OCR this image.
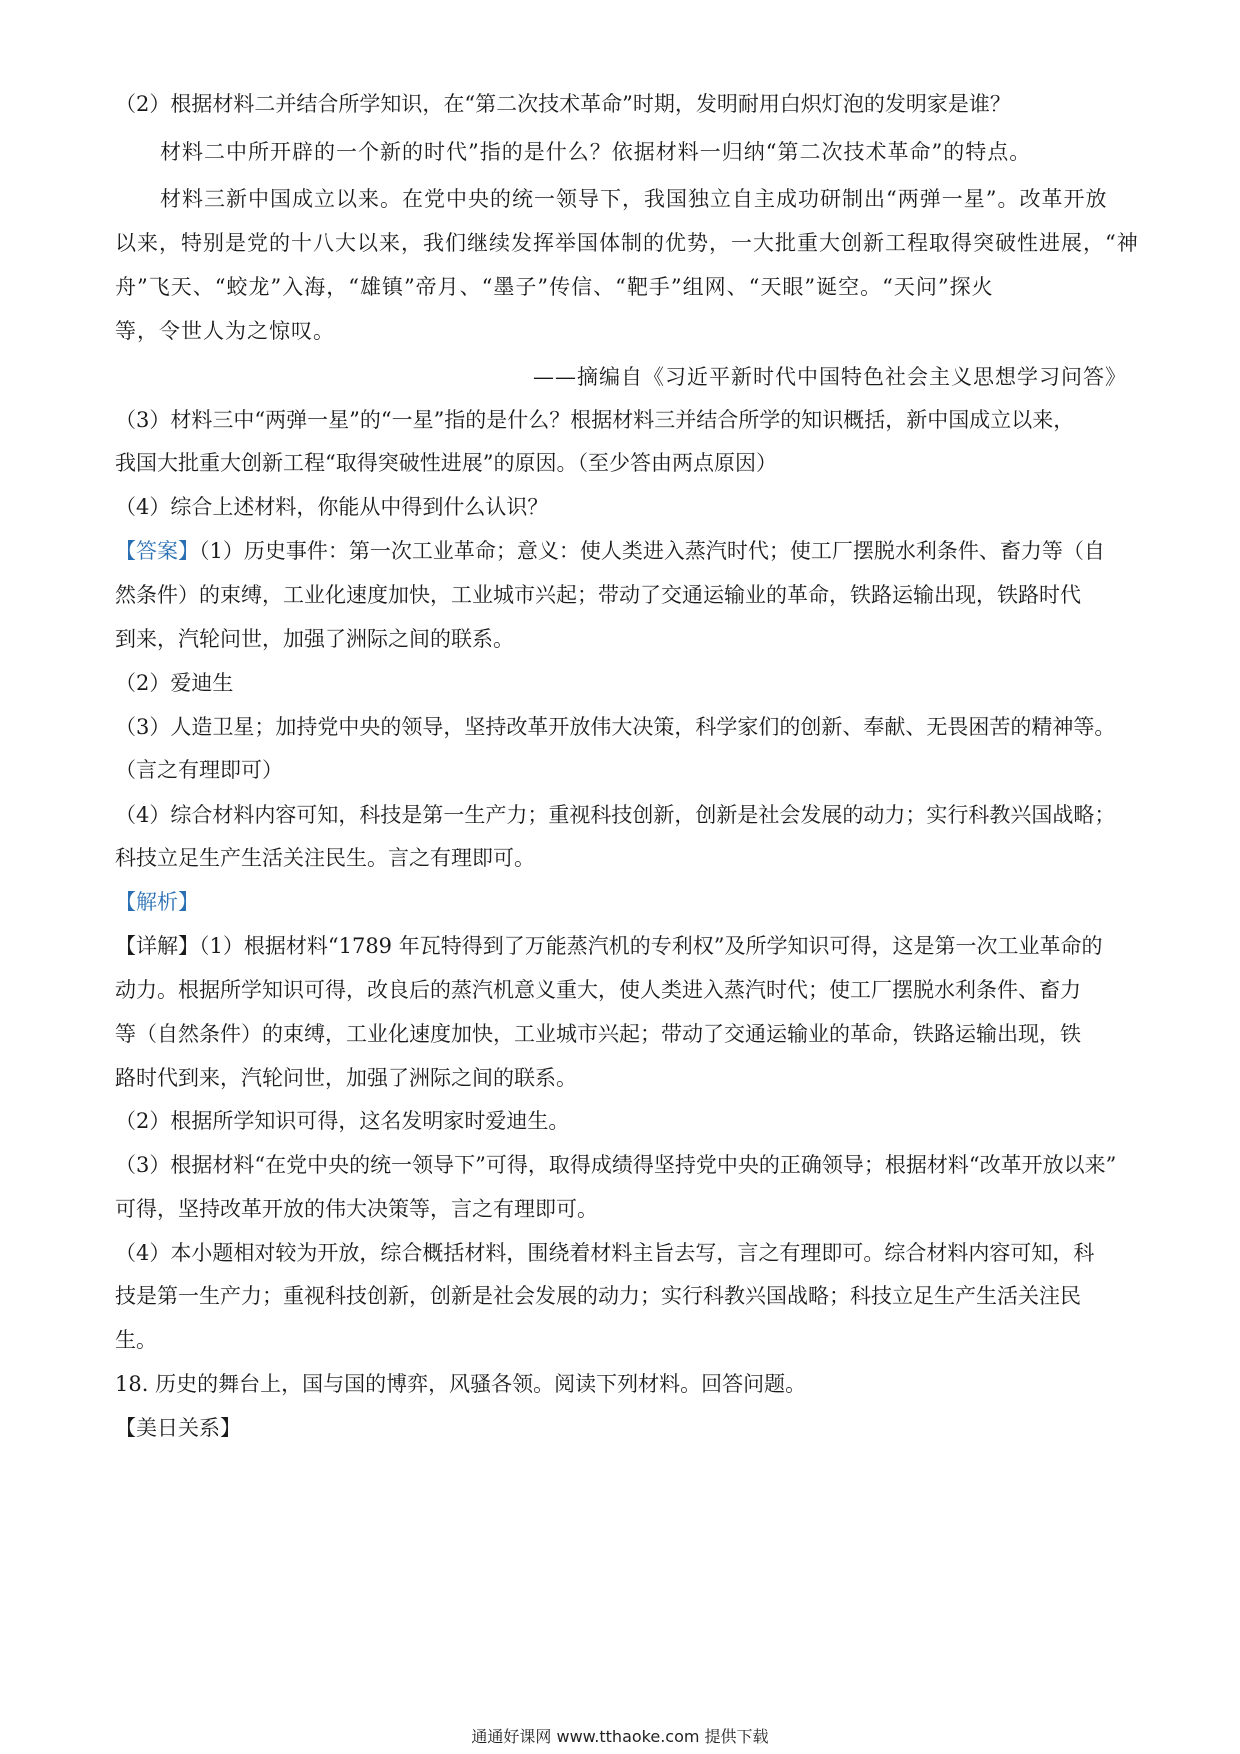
（2）根据材料二并结合所学知识，在“第二次技术革命”时期，发明耐用白炽灯泡的发明家是谁？
材料二中所开辟的一个新的时代”指的是什么？依据材料一归纳“第二次技术革命”的特点。
材料三新中国成立以来。在党中央的统一领导下，我国独立自主成功研制出“两弹一星”。改革开放
以来，特别是党的十八大以来，我们继续发挥举国体制的优势，一大批重大创新工程取得突破性进展，“神
舟”飞天、“蛟龙”入海，“雄镇”帝月、“墨子”传信、“靶手”组网、“天眼”诞空。“天问”探火
等，令世人为之惊叹。
——摘编自《习近平新时代中国特色社会主义思想学习问答》
（3）材料三中“两弹一星”的“一星”指的是什么？根据材料三并结合所学的知识概括，新中国成立以来，
我国大批重大创新工程“取得突破性进展”的原因。（至少答由两点原因）
（4）综合上述材料，你能从中得到什么认识？
【答案】（1）历史事件：第一次工业革命；意义：使人类进入蒸汽时代；使工厂摆脱水利条件、畜力等（自
然条件）的束缚，工业化速度加快，工业城市兴起；带动了交通运输业的革命，铁路运输出现，铁路时代
到来，汽轮问世，加强了洲际之间的联系。
（2）爱迪生
（3）人造卫星；加持党中央的领导，坚持改革开放伟大决策，科学家们的创新、奉献、无畏困苦的精神等。
（言之有理即可）
（4）综合材料内容可知，科技是第一生产力；重视科技创新，创新是社会发展的动力；实行科教兴国战略；
科技立足生产生活关注民生。言之有理即可。
【解析】
【详解】（1）根据材料“1789 年瓦特得到了万能蒸汽机的专利权”及所学知识可得，这是第一次工业革命的
动力。根据所学知识可得，改良后的蒸汽机意义重大，使人类进入蒸汽时代；使工厂摆脱水利条件、畜力
等（自然条件）的束缚，工业化速度加快，工业城市兴起；带动了交通运输业的革命，铁路运输出现，铁
路时代到来，汽轮问世，加强了洲际之间的联系。
（2）根据所学知识可得，这名发明家时爱迪生。
（3）根据材料“在党中央的统一领导下”可得，取得成绩得坚持党中央的正确领导；根据材料“改革开放以来”
可得，坚持改革开放的伟大决策等，言之有理即可。
（4）本小题相对较为开放，综合概括材料，围绕着材料主旨去写，言之有理即可。综合材料内容可知，科
技是第一生产力；重视科技创新，创新是社会发展的动力；实行科教兴国战略；科技立足生产生活关注民
生。
18. 历史的舞台上，国与国的博弈，风骚各领。阅读下列材料。回答问题。
【美日关系】
通通好课网 www.tthaoke.com 提供下载
